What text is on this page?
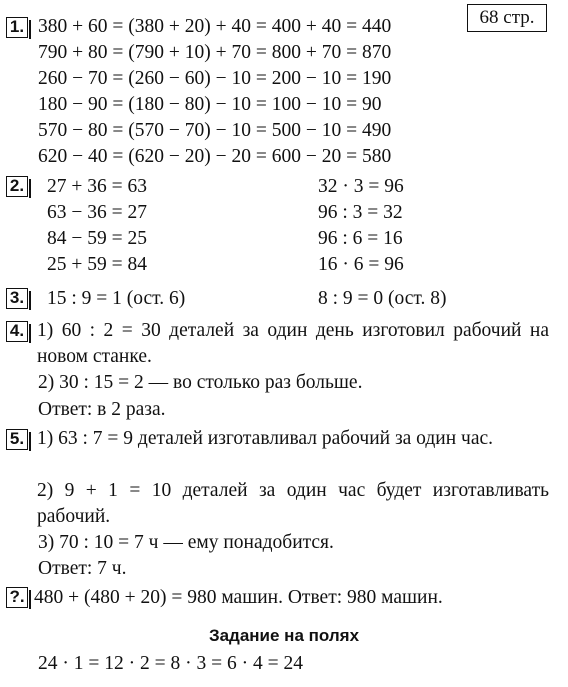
68 стр.
1. 380 + 60 = (380 + 20) + 40 = 400 + 40 = 440
790 + 80 = (790 + 10) + 70 = 800 + 70 = 870
260 − 70 = (260 − 60) − 10 = 200 − 10 = 190
180 − 90 = (180 − 80) − 10 = 100 − 10 = 90
570 − 80 = (570 − 70) − 10 = 500 − 10 = 490
620 − 40 = (620 − 20) − 20 = 600 − 20 = 580
2. 27 + 36 = 63
63 − 36 = 27
84 − 59 = 25
25 + 59 = 84
32 · 3 = 96
96 : 3 = 32
96 : 6 = 16
16 · 6 = 96
3. 15 : 9 = 1 (ост. 6)	8 : 9 = 0 (ост. 8)
4. 1) 60 : 2 = 30 деталей за один день изготовил рабочий на новом станке.
2) 30 : 15 = 2 — во столько раз больше.
Ответ: в 2 раза.
5. 1) 63 : 7 = 9 деталей изготавливал рабочий за один час.
2) 9 + 1 = 10 деталей за один час будет изготавливать рабочий.
3) 70 : 10 = 7 ч — ему понадобится.
Ответ: 7 ч.
?. 480 + (480 + 20) = 980 машин. Ответ: 980 машин.
Задание на полях
24 · 1 = 12 · 2 = 8 · 3 = 6 · 4 = 24
